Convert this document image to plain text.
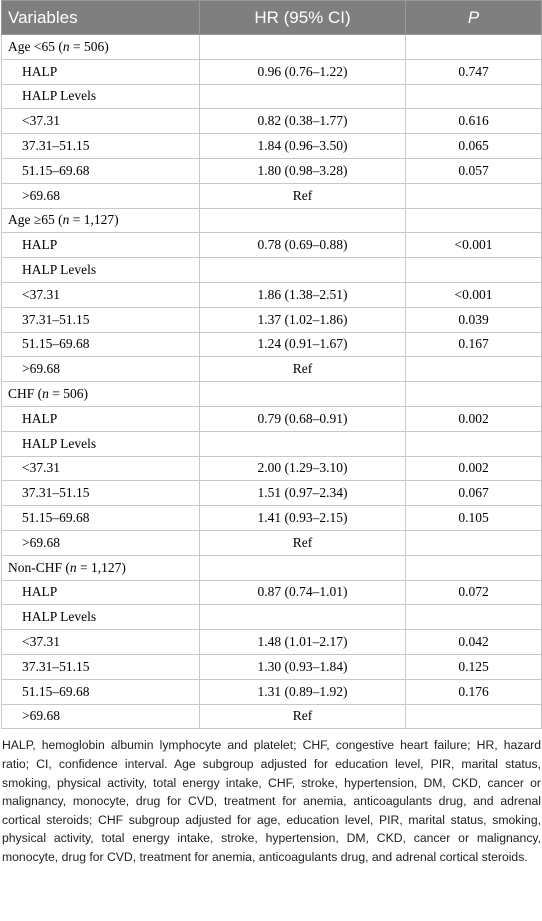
Variables	HR (95% CI)	P
Age <65 (n = 506)		
HALP	0.96 (0.76–1.22)	0.747
HALP Levels		
<37.31	0.82 (0.38–1.77)	0.616
37.31–51.15	1.84 (0.96–3.50)	0.065
51.15–69.68	1.80 (0.98–3.28)	0.057
>69.68	Ref	
Age ≥65 (n = 1,127)		
HALP	0.78 (0.69–0.88)	<0.001
HALP Levels		
<37.31	1.86 (1.38–2.51)	<0.001
37.31–51.15	1.37 (1.02–1.86)	0.039
51.15–69.68	1.24 (0.91–1.67)	0.167
>69.68	Ref	
CHF (n = 506)		
HALP	0.79 (0.68–0.91)	0.002
HALP Levels		
<37.31	2.00 (1.29–3.10)	0.002
37.31–51.15	1.51 (0.97–2.34)	0.067
51.15–69.68	1.41 (0.93–2.15)	0.105
>69.68	Ref	
Non-CHF (n = 1,127)		
HALP	0.87 (0.74–1.01)	0.072
HALP Levels		
<37.31	1.48 (1.01–2.17)	0.042
37.31–51.15	1.30 (0.93–1.84)	0.125
51.15–69.68	1.31 (0.89–1.92)	0.176
>69.68	Ref	
HALP, hemoglobin albumin lymphocyte and platelet; CHF, congestive heart failure; HR, hazard ratio; CI, confidence interval. Age subgroup adjusted for education level, PIR, marital status, smoking, physical activity, total energy intake, CHF, stroke, hypertension, DM, CKD, cancer or malignancy, monocyte, drug for CVD, treatment for anemia, anticoagulants drug, and adrenal cortical steroids; CHF subgroup adjusted for age, education level, PIR, marital status, smoking, physical activity, total energy intake, stroke, hypertension, DM, CKD, cancer or malignancy, monocyte, drug for CVD, treatment for anemia, anticoagulants drug, and adrenal cortical steroids.
